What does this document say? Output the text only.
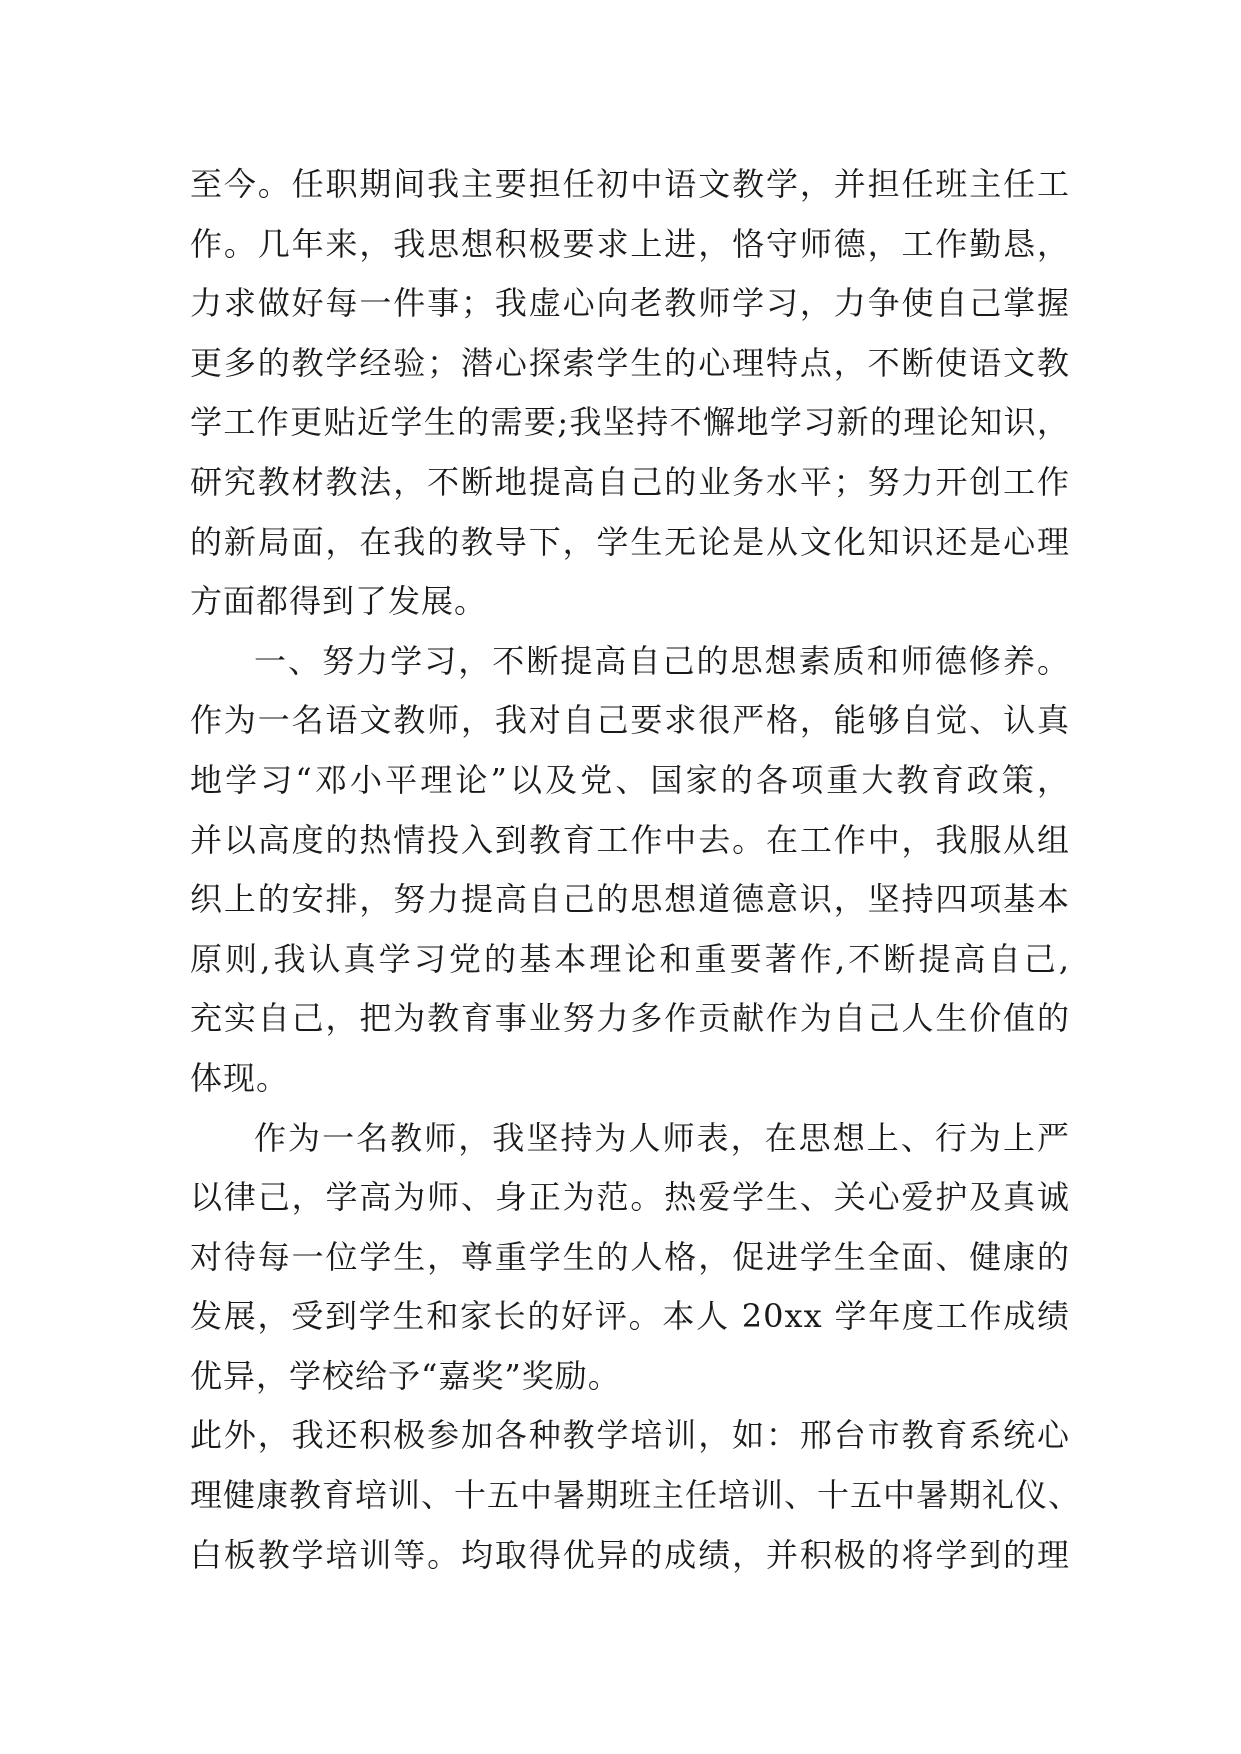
至今。任职期间我主要担任初中语文教学，并担任班主任工
作。几年来，我思想积极要求上进，恪守师德，工作勤恳，
力求做好每一件事；我虚心向老教师学习，力争使自己掌握
更多的教学经验；潜心探索学生的心理特点，不断使语文教
学工作更贴近学生的需要;我坚持不懈地学习新的理论知识，
研究教材教法，不断地提高自己的业务水平；努力开创工作
的新局面，在我的教导下，学生无论是从文化知识还是心理
方面都得到了发展。
一、努力学习，不断提高自己的思想素质和师德修养。
作为一名语文教师，我对自己要求很严格，能够自觉、认真
地学习“邓小平理论”以及党、国家的各项重大教育政策，
并以高度的热情投入到教育工作中去。在工作中，我服从组
织上的安排，努力提高自己的思想道德意识，坚持四项基本
原则,我认真学习党的基本理论和重要著作,不断提高自己,
充实自己，把为教育事业努力多作贡献作为自己人生价值的
体现。
作为一名教师，我坚持为人师表，在思想上、行为上严
以律己，学高为师、身正为范。热爱学生、关心爱护及真诚
对待每一位学生，尊重学生的人格，促进学生全面、健康的
发展，受到学生和家长的好评。本人 20xx 学年度工作成绩
优异，学校给予“嘉奖”奖励。
此外，我还积极参加各种教学培训，如：邢台市教育系统心
理健康教育培训、十五中暑期班主任培训、十五中暑期礼仪、
白板教学培训等。均取得优异的成绩，并积极的将学到的理
